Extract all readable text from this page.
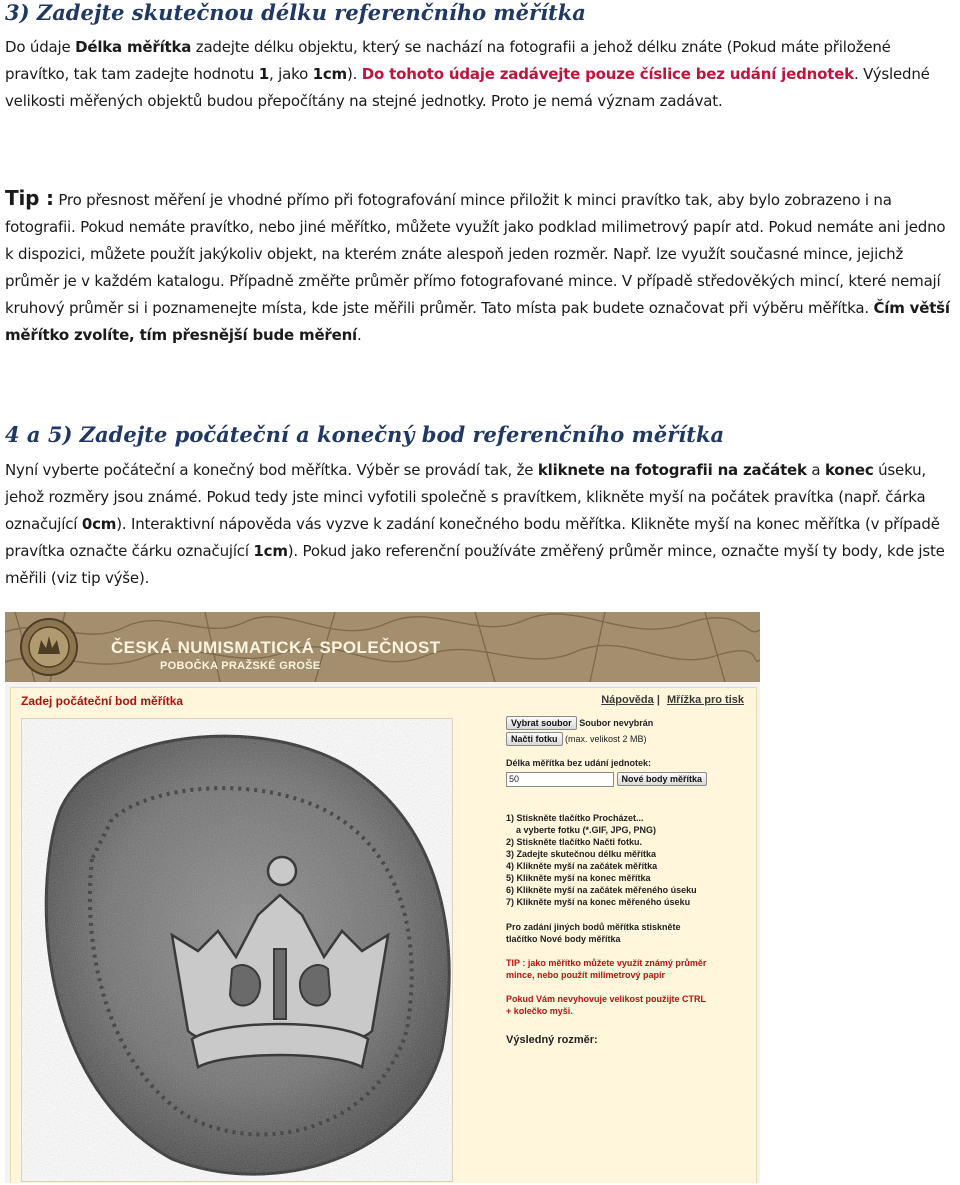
3) Zadejte skutečnou délku referenčního měřítka

Do údaje Délka měřítka zadejte délku objektu, který se nachází na fotografii a jehož délku znáte (Pokud máte přiložené pravítko, tak tam zadejte hodnotu 1, jako 1cm). Do tohoto údaje zadávejte pouze číslice bez udání jednotek. Výsledné velikosti měřených objektů budou přepočítány na stejné jednotky. Proto je nemá význam zadávat.

Tip : Pro přesnost měření je vhodné přímo při fotografování mince přiložit k minci pravítko tak, aby bylo zobrazeno i na fotografii. Pokud nemáte pravítko, nebo jiné měřítko, můžete využít jako podklad milimetrový papír atd. Pokud nemáte ani jedno k dispozici, můžete použít jakýkoliv objekt, na kterém znáte alespoň jeden rozměr. Např. lze využít současné mince, jejichž průměr je v každém katalogu. Případně změřte průměr přímo fotografované mince. V případě středověkých mincí, které nemají kruhový průměr si i poznamenejte místa, kde jste měřili průměr. Tato místa pak budete označovat při výběru měřítka. Čím větší měřítko zvolíte, tím přesnější bude měření.

4 a 5) Zadejte počáteční a konečný bod referenčního měřítka

Nyní vyberte počáteční a konečný bod měřítka. Výběr se provádí tak, že kliknete na fotografii na začátek a konec úseku, jehož rozměry jsou známé. Pokud tedy jste minci vyfotili společně s pravítkem, klikněte myší na počátek pravítka (např. čárka označující 0cm). Interaktivní nápověda vás vyzve k zadání konečného bodu měřítka. Klikněte myší na konec měřítka (v případě pravítka označte čárku označující 1cm). Pokud jako referenční používáte změřený průměr mince, označte myší ty body, kde jste měřili (viz tip výše).

ČESKÁ NUMISMATICKÁ SPOLEČNOST
POBOČKA PRAŽSKÉ GROŠE
Zadej počáteční bod měřítka	Nápověda | Mřížka pro tisk
Vybrat soubor Soubor nevybrán
Načti fotku (max. velikost 2 MB)
Délka měřítka bez udání jednotek:
50	Nové body měřítka
1) Stiskněte tlačítko Procházet...
a vyberte fotku (*.GIF, JPG, PNG)
2) Stiskněte tlačítko Načti fotku.
3) Zadejte skutečnou délku měřítka
4) Klikněte myší na začátek měřítka
5) Klikněte myší na konec měřítka
6) Klikněte myší na začátek měřeného úseku
7) Klikněte myší na konec měřeného úseku
Pro zadání jiných bodů měřítka stiskněte
tlačítko Nové body měřítka
TIP : jako měřítko můžete využít známý průměr
mince, nebo použít milimetrový papír
Pokud Vám nevyhovuje velikost použijte CTRL
+ kolečko myši.
Výsledný rozměr:
